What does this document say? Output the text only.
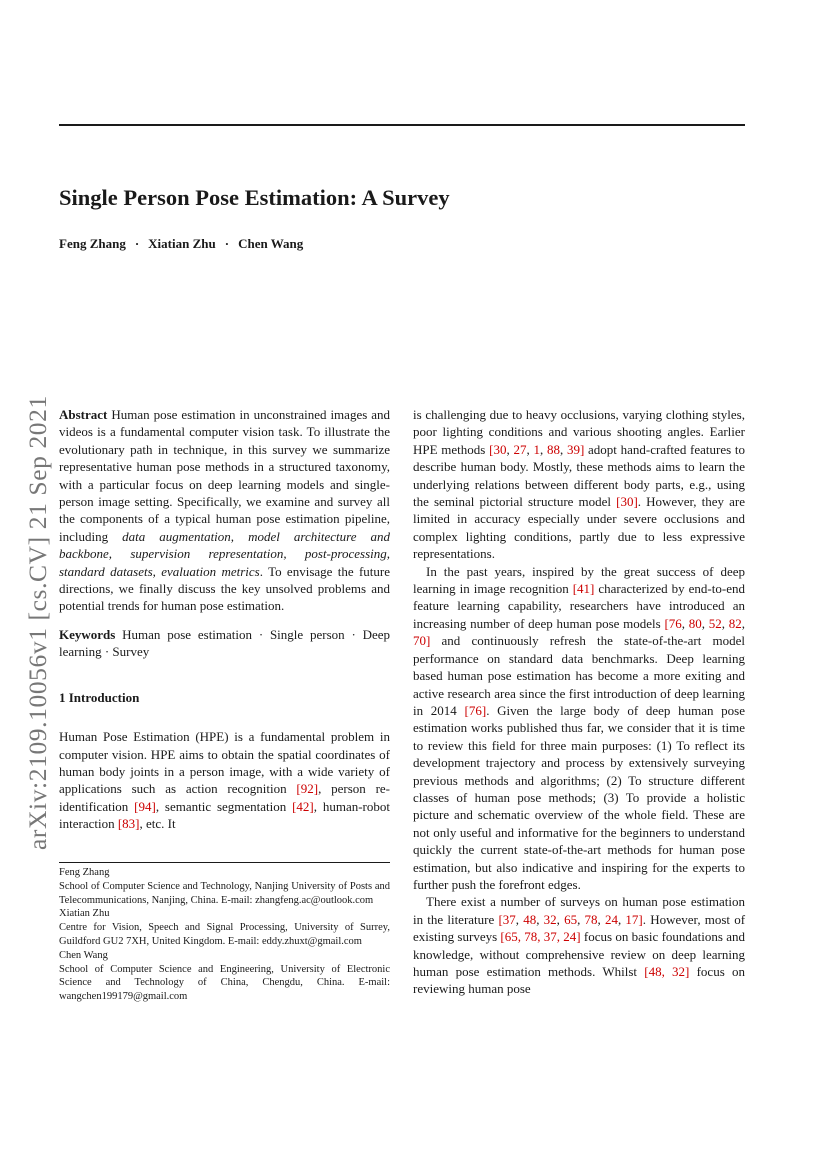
arXiv:2109.10056v1 [cs.CV] 21 Sep 2021
Single Person Pose Estimation: A Survey
Feng Zhang · Xiatian Zhu · Chen Wang

Abstract Human pose estimation in unconstrained images and videos is a fundamental computer vision task. To illustrate the evolutionary path in technique, in this survey we summarize representative human pose methods in a structured taxonomy, with a particular focus on deep learning models and single-person image setting. Specifically, we examine and survey all the components of a typical human pose estimation pipeline, including data augmentation, model architecture and backbone, supervision representation, post-processing, standard datasets, evaluation metrics. To envisage the future directions, we finally discuss the key unsolved problems and potential trends for human pose estimation.

Keywords Human pose estimation · Single person · Deep learning · Survey

1 Introduction

Human Pose Estimation (HPE) is a fundamental problem in computer vision. HPE aims to obtain the spatial coordinates of human body joints in a person image, with a wide variety of applications such as action recognition [92], person re-identification [94], semantic segmentation [42], human-robot interaction [83], etc. It

Feng Zhang

School of Computer Science and Technology, Nanjing University of Posts and Telecommunications, Nanjing, China. E-mail: zhangfeng.ac@outlook.com

Xiatian Zhu

Centre for Vision, Speech and Signal Processing, University of Surrey, Guildford GU2 7XH, United Kingdom. E-mail: eddy.zhuxt@gmail.com

Chen Wang

School of Computer Science and Engineering, University of Electronic Science and Technology of China, Chengdu, China. E-mail: wangchen199179@gmail.com

is challenging due to heavy occlusions, varying clothing styles, poor lighting conditions and various shooting angles. Earlier HPE methods [30, 27, 1, 88, 39] adopt hand-crafted features to describe human body. Mostly, these methods aims to learn the underlying relations between different body parts, e.g., using the seminal pictorial structure model [30]. However, they are limited in accuracy especially under severe occlusions and complex lighting conditions, partly due to less expressive representations.

In the past years, inspired by the great success of deep learning in image recognition [41] characterized by end-to-end feature learning capability, researchers have introduced an increasing number of deep human pose models [76, 80, 52, 82, 70] and continuously refresh the state-of-the-art model performance on standard data benchmarks. Deep learning based human pose estimation has become a more exiting and active research area since the first introduction of deep learning in 2014 [76]. Given the large body of deep human pose estimation works published thus far, we consider that it is time to review this field for three main purposes: (1) To reflect its development trajectory and process by extensively surveying previous methods and algorithms; (2) To structure different classes of human pose methods; (3) To provide a holistic picture and schematic overview of the whole field. These are not only useful and informative for the beginners to understand quickly the current state-of-the-art methods for human pose estimation, but also indicative and inspiring for the experts to further push the forefront edges.

There exist a number of surveys on human pose estimation in the literature [37, 48, 32, 65, 78, 24, 17]. However, most of existing surveys [65, 78, 37, 24] focus on basic foundations and knowledge, without comprehensive review on deep learning human pose estimation methods. Whilst [48, 32] focus on reviewing human pose
